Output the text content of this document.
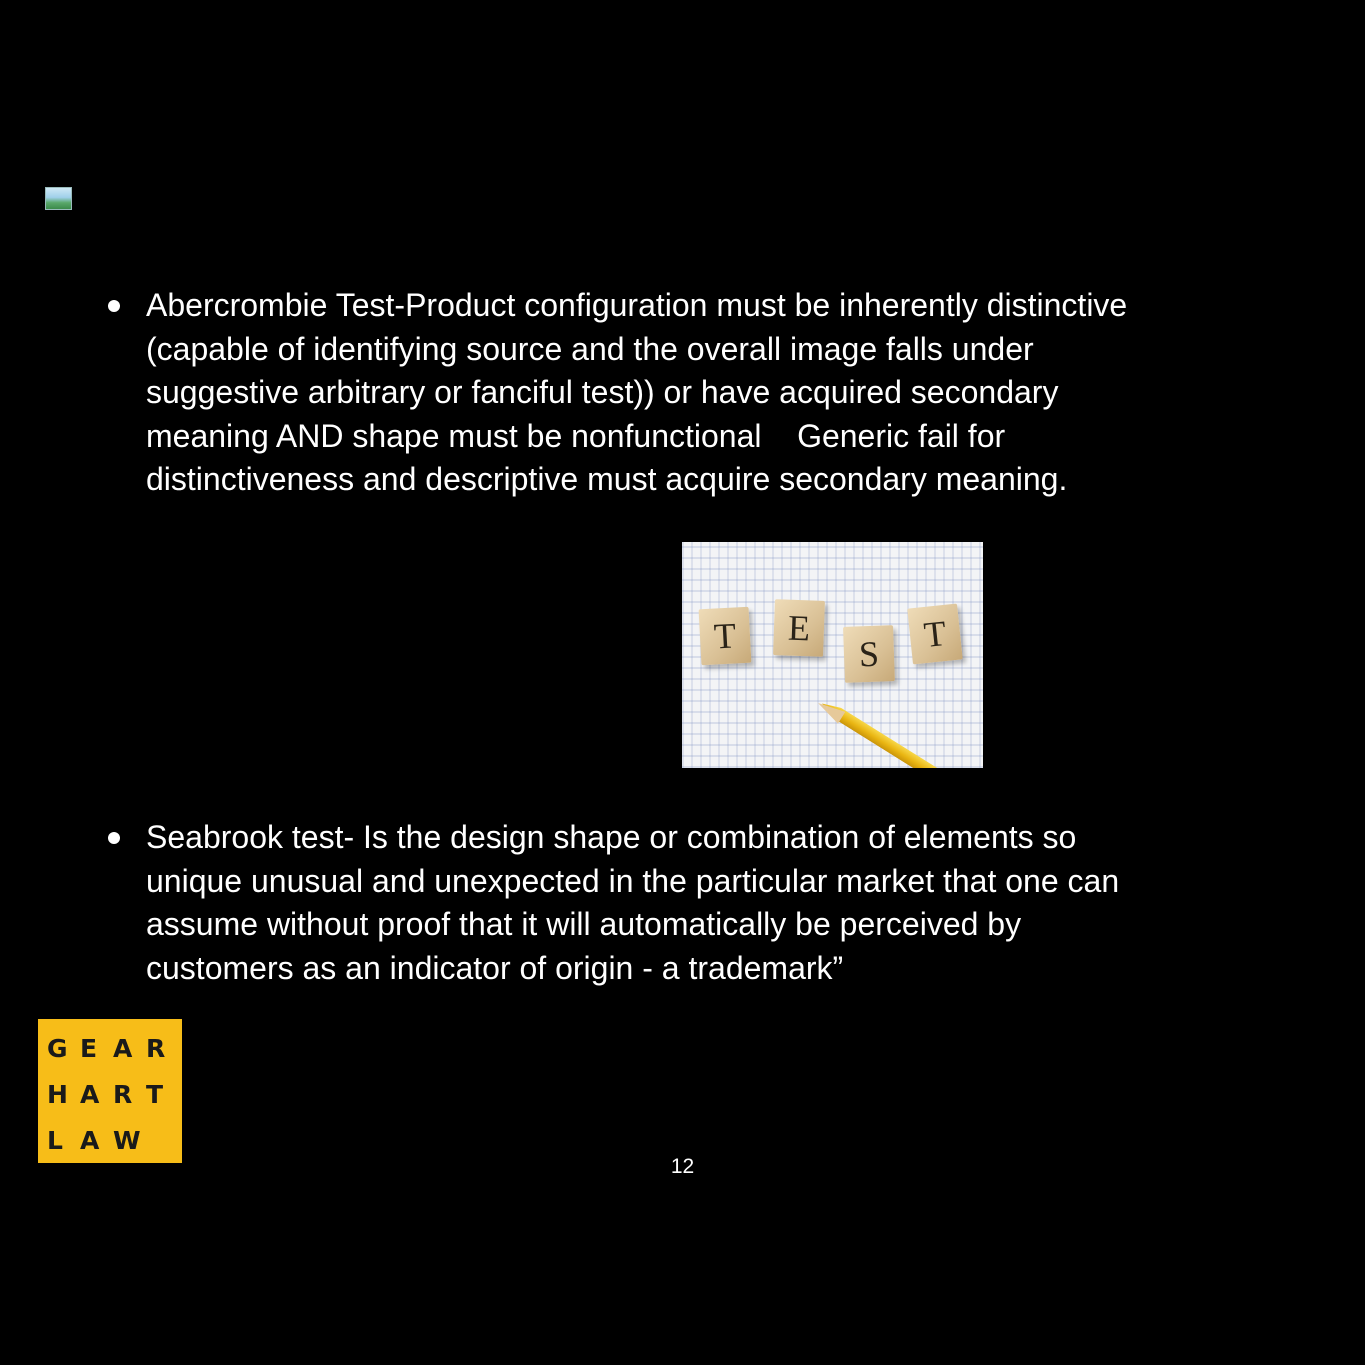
Abercrombie Test-Product configuration must be inherently distinctive
(capable of identifying source and the overall image falls under
suggestive arbitrary or fanciful test)) or have acquired secondary
meaning AND shape must be nonfunctional    Generic fail for
distinctiveness and descriptive must acquire secondary meaning.
T	E
S	T
Seabrook test- Is the design shape or combination of elements so
unique unusual and unexpected in the particular market that one can
assume without proof that it will automatically be perceived by
customers as an indicator of origin - a trademark”
G E A R
H A R T
L A W
12
